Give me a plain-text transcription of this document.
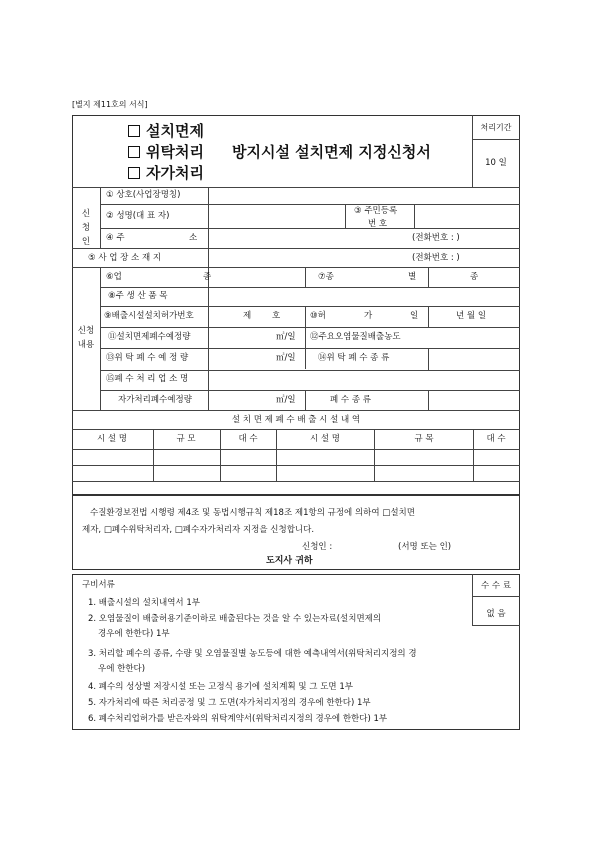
[별지 제11호의 서식]
설치면제
위탁처리 방지시설 설치면제 지정신청서
자가처리
처리기간
10 일
신청인
① 상호(사업장명칭)
② 성명(대 표 자)	③ 주민등록
번 호
④ 주	소	(전화번호 : )
⑤ 사 업 장 소 재 지	(전화번호 : )
신청내용
⑥업	종	⑦종	별	종
⑧주 생 산 품 목
⑨배출시설설치허가번호	제 호	⑩허	가	일	년 월 일
⑪설치면제폐수예정량	㎥/일 ⑫주요오염물질배출농도
⑬위 탁 폐 수 예 정 량	㎥/일	⑭위 탁 폐 수 종 류
⑮폐 수 처 리 업 소 명
자가처리폐수예정량	㎥/일	폐 수 종 류
설 치 면 제 폐 수 배 출 시 설 내 역
시 설 명	규 모	대 수	시 설 명	규 목	대 수
수질환경보전법 시행령 제4조 및 동법시행규칙 제18조 제1항의 규정에 의하여 □설치면
제자, □폐수위탁처리자, □폐수자가처리자 지정을 신청합니다.
신청인 :	(서명 또는 인)
도지사 귀하
수 수 료
없 음
구비서류
1. 배출시설의 설치내역서 1부
2. 오염물질이 배출허용기준이하로 배출된다는 것을 알 수 있는자료(설치면제의
경우에 한한다) 1부
3. 처리할 폐수의 종류, 수량 및 오염물질별 농도등에 대한 예측내역서(위탁처리지정의 경
우에 한한다)
4. 폐수의 성상별 저장시설 또는 고정식 용기에 설치계획 및 그 도면 1부
5. 자가처리에 따른 처리공정 및 그 도면(자가처리지정의 경우에 한한다) 1부
6. 폐수처리업허가를 받은자와의 위탁계약서(위탁처리지정의 경우에 한한다) 1부
